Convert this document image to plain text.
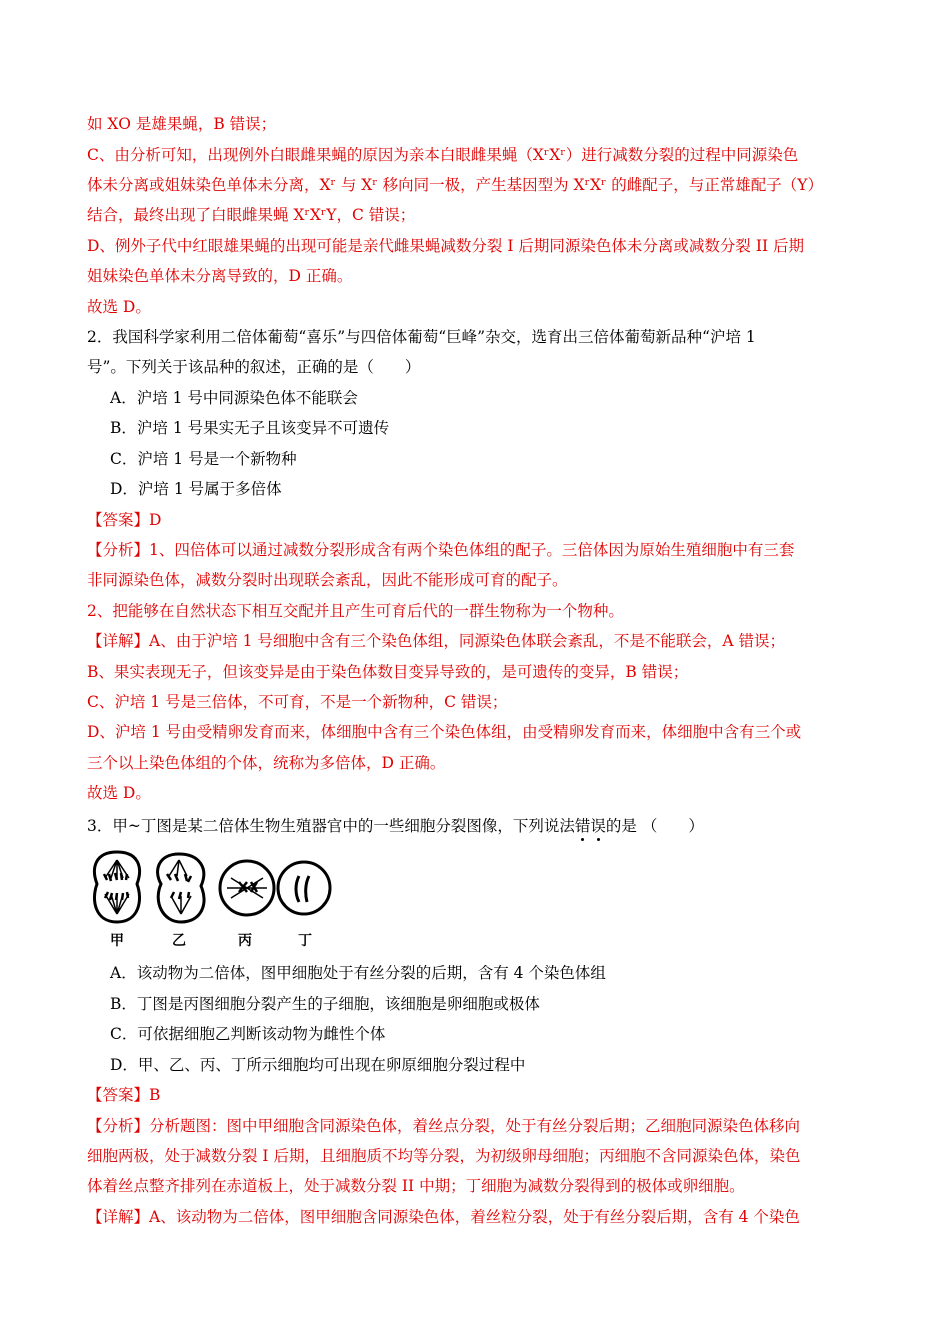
如 XO 是雄果蝇，B 错误；
C、由分析可知，出现例外白眼雌果蝇的原因为亲本白眼雌果蝇（XʳXʳ）进行减数分裂的过程中同源染色
体未分离或姐妹染色单体未分离，Xʳ 与 Xʳ 移向同一极，产生基因型为 XʳXʳ 的雌配子，与正常雄配子（Y）
结合，最终出现了白眼雌果蝇 XʳXʳY，C 错误；
D、例外子代中红眼雄果蝇的出现可能是亲代雌果蝇减数分裂 I 后期同源染色体未分离或减数分裂 II 后期
姐妹染色单体未分离导致的，D 正确。
故选 D。
2．我国科学家利用二倍体葡萄“喜乐”与四倍体葡萄“巨峰”杂交，选育出三倍体葡萄新品种“沪培 1
号”。下列关于该品种的叙述，正确的是（　　）
A．沪培 1 号中同源染色体不能联会
B．沪培 1 号果实无子且该变异不可遗传
C．沪培 1 号是一个新物种
D．沪培 1 号属于多倍体
【答案】D
【分析】1、四倍体可以通过减数分裂形成含有两个染色体组的配子。三倍体因为原始生殖细胞中有三套
非同源染色体，减数分裂时出现联会紊乱，因此不能形成可育的配子。
2、把能够在自然状态下相互交配并且产生可育后代的一群生物称为一个物种。
【详解】A、由于沪培 1 号细胞中含有三个染色体组，同源染色体联会紊乱，不是不能联会，A 错误；
B、果实表现无子，但该变异是由于染色体数目变异导致的，是可遗传的变异，B 错误；
C、沪培 1 号是三倍体，不可育，不是一个新物种，C 错误；
D、沪培 1 号由受精卵发育而来，体细胞中含有三个染色体组，由受精卵发育而来，体细胞中含有三个或
三个以上染色体组的个体，统称为多倍体，D 正确。
故选 D。
3．甲~丁图是某二倍体生物生殖器官中的一些细胞分裂图像，下列说法错
误
的是 （　　）
甲	乙	丙	丁
A．该动物为二倍体，图甲细胞处于有丝分裂的后期，含有 4 个染色体组
B．丁图是丙图细胞分裂产生的子细胞，该细胞是卵细胞或极体
C．可依据细胞乙判断该动物为雌性个体
D．甲、乙、丙、丁所示细胞均可出现在卵原细胞分裂过程中
【答案】B
【分析】分析题图：图中甲细胞含同源染色体，着丝点分裂，处于有丝分裂后期；乙细胞同源染色体移向
细胞两极，处于减数分裂 I 后期，且细胞质不均等分裂，为初级卵母细胞；丙细胞不含同源染色体，染色
体着丝点整齐排列在赤道板上，处于减数分裂 II 中期；丁细胞为减数分裂得到的极体或卵细胞。
【详解】A、该动物为二倍体，图甲细胞含同源染色体，着丝粒分裂，处于有丝分裂后期，含有 4 个染色
